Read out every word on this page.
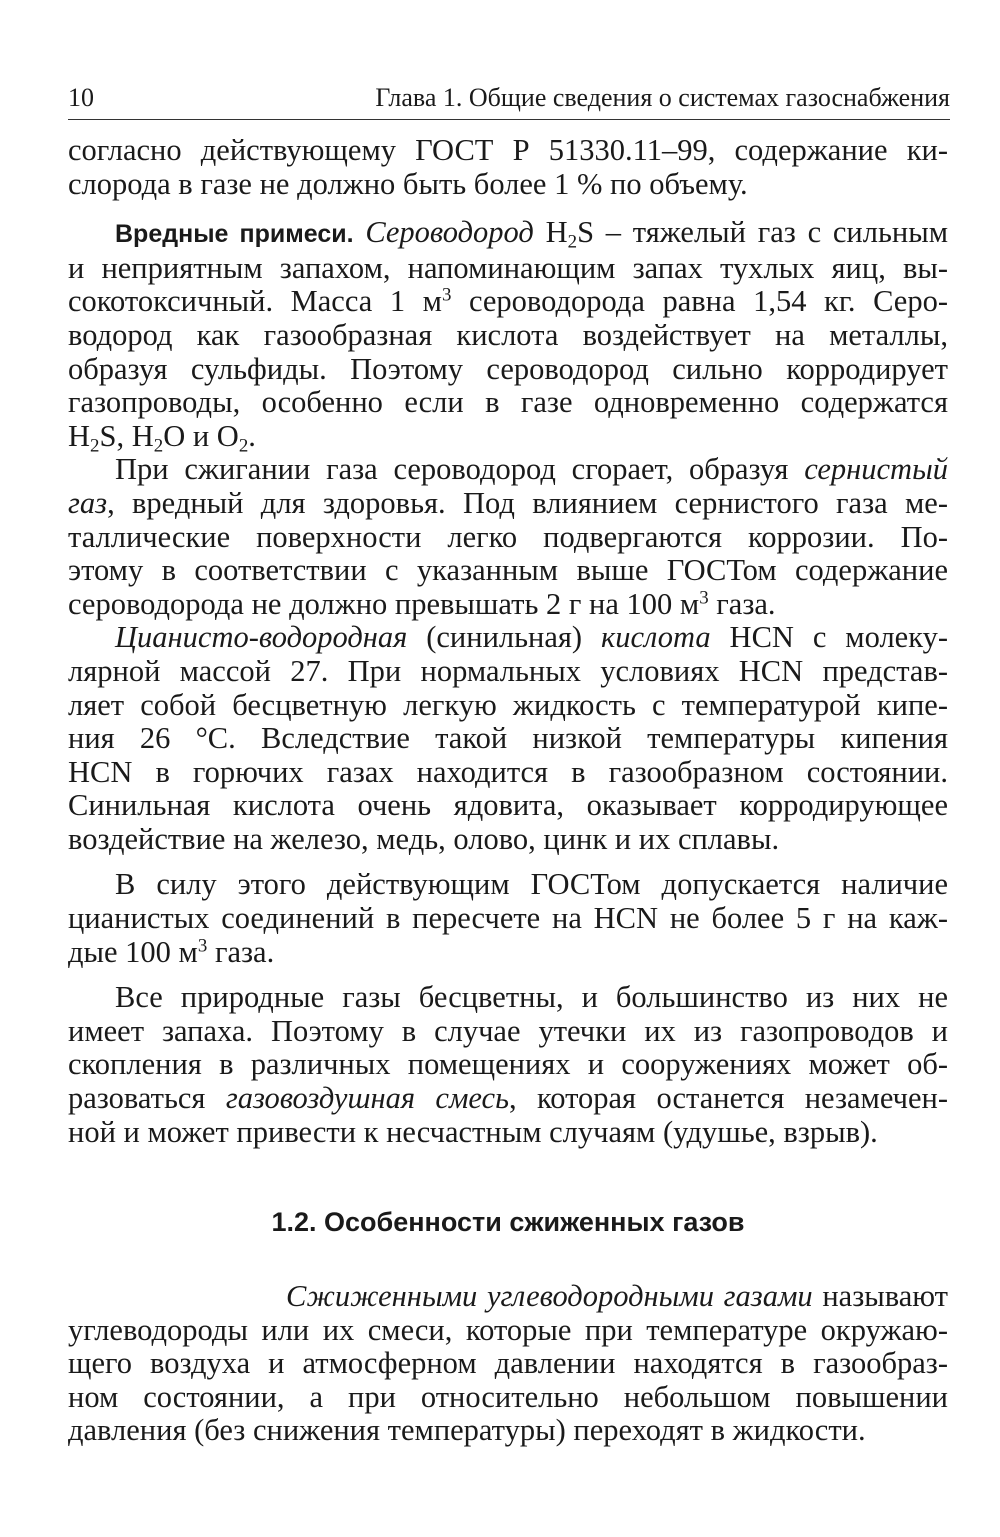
10	Глава 1. Общие сведения о системах газоснабжения

согласно действующему ГОСТ Р 51330.11–99, содержание ки-
слорода в газе не должно быть более 1 % по объему.

Вредные примеси. Сероводород $H_2S$ – тяжелый газ с сильным
и неприятным запахом, напоминающим запах тухлых яиц, вы-
сокотоксичный. Масса 1 $м^3$ сероводорода равна 1,54 кг. Серо-
водород как газообразная кислота воздействует на металлы,
образуя сульфиды. Поэтому сероводород сильно корродирует
газопроводы, особенно если в газе одновременно содержатся
$H_2S$, $H_2O$ и $O_2$.

При сжигании газа сероводород сгорает, образуя сернистый
газ, вредный для здоровья. Под влиянием сернистого газа ме-
таллические поверхности легко подвергаются коррозии. По-
этому в соответствии с указанным выше ГОСТом содержание
сероводорода не должно превышать 2 г на 100 $м^3$ газа.

Цианисто-водородная (синильная) кислота HCN с молеку-
лярной массой 27. При нормальных условиях HCN представ-
ляет собой бесцветную легкую жидкость с температурой кипе-
ния 26 °С. Вследствие такой низкой температуры кипения
HCN в горючих газах находится в газообразном состоянии.
Синильная кислота очень ядовита, оказывает корродирующее
воздействие на железо, медь, олово, цинк и их сплавы.

В силу этого действующим ГОСТом допускается наличие
цианистых соединений в пересчете на HCN не более 5 г на каж-
дые 100 $м^3$ газа.

Все природные газы бесцветны, и большинство из них не
имеет запаха. Поэтому в случае утечки их из газопроводов и
скопления в различных помещениях и сооружениях может об-
разоваться газовоздушная смесь, которая останется незамечен-
ной и может привести к несчастным случаям (удушье, взрыв).

1.2. Особенности сжиженных газов

Сжиженными углеводородными газами называют
углеводороды или их смеси, которые при температуре окружаю-
щего воздуха и атмосферном давлении находятся в газообраз-
ном состоянии, а при относительно небольшом повышении
давления (без снижения температуры) переходят в жидкости.
